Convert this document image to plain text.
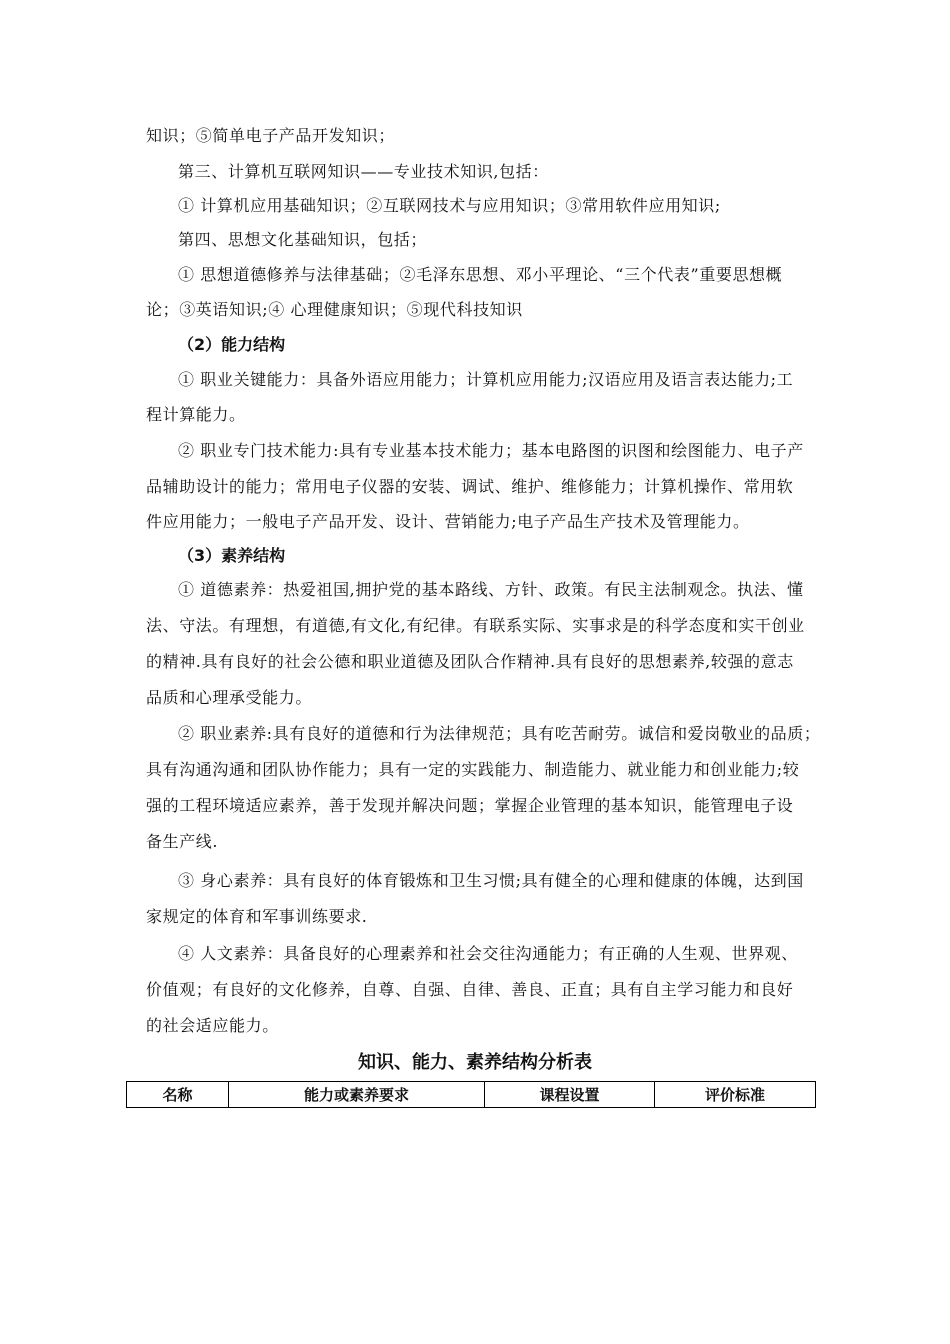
知识；⑤简单电子产品开发知识；
第三、计算机互联网知识——专业技术知识,包括：
① 计算机应用基础知识；②互联网技术与应用知识；③常用软件应用知识;
第四、思想文化基础知识，包括；
① 思想道德修养与法律基础；②毛泽东思想、邓小平理论、“三个代表”重要思想概
论；③英语知识;④ 心理健康知识；⑤现代科技知识
（2）能力结构
① 职业关键能力：具备外语应用能力；计算机应用能力;汉语应用及语言表达能力;工
程计算能力。
② 职业专门技术能力:具有专业基本技术能力；基本电路图的识图和绘图能力、电子产
品辅助设计的能力；常用电子仪器的安装、调试、维护、维修能力；计算机操作、常用软
件应用能力；一般电子产品开发、设计、营销能力;电子产品生产技术及管理能力。
（3）素养结构
① 道德素养：热爱祖国,拥护党的基本路线、方针、政策。有民主法制观念。执法、懂
法、守法。有理想，有道德,有文化,有纪律。有联系实际、实事求是的科学态度和实干创业
的精神.具有良好的社会公德和职业道德及团队合作精神.具有良好的思想素养,较强的意志
品质和心理承受能力。
② 职业素养:具有良好的道德和行为法律规范；具有吃苦耐劳。诚信和爱岗敬业的品质；
具有沟通沟通和团队协作能力；具有一定的实践能力、制造能力、就业能力和创业能力;较
强的工程环境适应素养，善于发现并解决问题；掌握企业管理的基本知识，能管理电子设
备生产线.
③ 身心素养：具有良好的体育锻炼和卫生习惯;具有健全的心理和健康的体魄，达到国
家规定的体育和军事训练要求.
④ 人文素养：具备良好的心理素养和社会交往沟通能力；有正确的人生观、世界观、
价值观；有良好的文化修养，自尊、自强、自律、善良、正直；具有自主学习能力和良好
的社会适应能力。
知识、能力、素养结构分析表
名称	能力或素养要求	课程设置	评价标准
